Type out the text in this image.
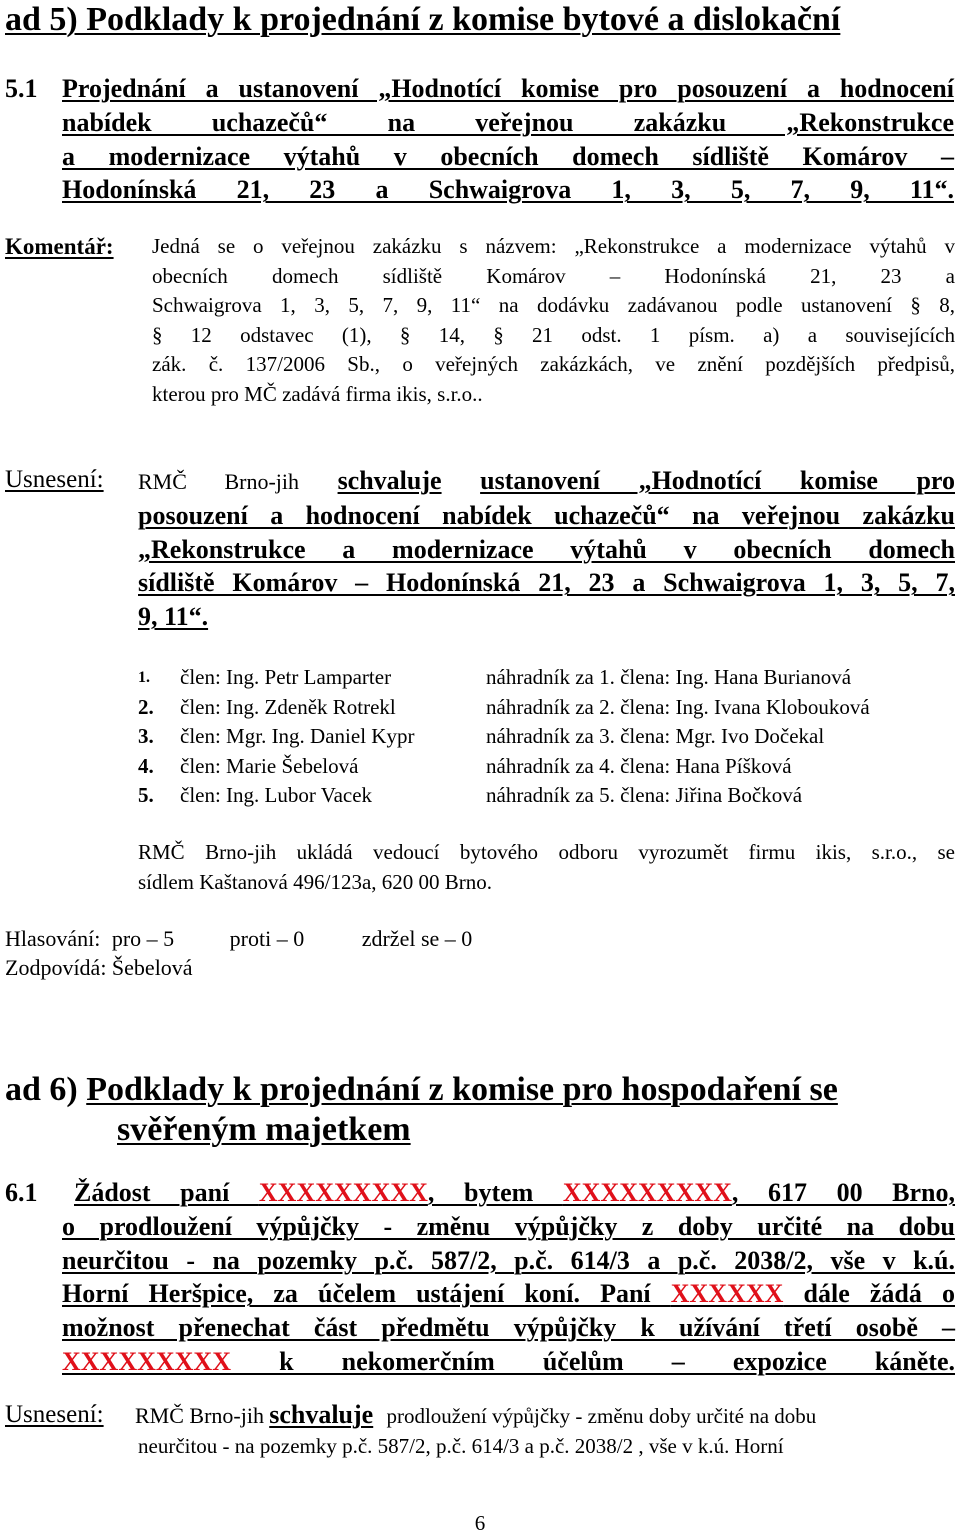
ad 5) Podklady k projednání z komise bytové a dislokační
5.1 Projednání a ustanovení „Hodnotící komise pro posouzení a hodnocení
nabídek uchazečů“ na veřejnou zakázku „Rekonstrukce
a modernizace výtahů v obecních domech sídliště Komárov –
Hodonínská 21, 23 a Schwaigrova 1, 3, 5, 7, 9, 11“.
Komentář: Jedná se o veřejnou zakázku s názvem: „Rekonstrukce a modernizace výtahů v
obecních domech sídliště Komárov – Hodonínská 21, 23 a
Schwaigrova 1, 3, 5, 7, 9, 11“ na dodávku zadávanou podle ustanovení § 8,
§ 12 odstavec (1), § 14, § 21 odst. 1 písm. a) a souvisejících
zák. č. 137/2006 Sb., o veřejných zakázkách, ve znění pozdějších předpisů,
kterou pro MČ zadává firma ikis, s.r.o..
Usnesení: RMČ Brno-jih schvaluje ustanovení „Hodnotící komise pro
posouzení a hodnocení nabídek uchazečů“ na veřejnou zakázku
„Rekonstrukce a modernizace výtahů v obecních domech
sídliště Komárov – Hodonínská 21, 23 a Schwaigrova 1, 3, 5, 7,
9, 11“.
1. člen: Ing. Petr Lamparter	náhradník za 1. člena: Ing. Hana Burianová
2. člen: Ing. Zdeněk Rotrekl	náhradník za 2. člena: Ing. Ivana Klobouková
3. člen: Mgr. Ing. Daniel Kypr	náhradník za 3. člena: Mgr. Ivo Dočekal
4. člen: Marie Šebelová	náhradník za 4. člena: Hana Píšková
5. člen: Ing. Lubor Vacek	náhradník za 5. člena: Jiřina Bočková
RMČ Brno-jih ukládá vedoucí bytového odboru vyrozumět firmu ikis, s.r.o., se
sídlem Kaštanová 496/123a, 620 00 Brno.
Hlasování: pro – 5	proti – 0	zdržel se – 0
Zodpovídá: Šebelová
ad 6) Podklady k projednání z komise pro hospodaření se
svěřeným majetkem
6.1	Žádost paní XXXXXXXXX, bytem XXXXXXXXX, 617 00 Brno,
o prodloužení výpůjčky - změnu výpůjčky z doby určité na dobu
neurčitou - na pozemky p.č. 587/2, p.č. 614/3 a p.č. 2038/2, vše v k.ú.
Horní Heršpice, za účelem ustájení koní. Paní XXXXXX dále žádá o
možnost přenechat část předmětu výpůjčky k užívání třetí osobě –
XXXXXXXXX k nekomerčním účelům – expozice káněte.
Usnesení: RMČ Brno-jih schvaluje prodloužení výpůjčky - změnu doby určité na dobu
neurčitou - na pozemky p.č. 587/2, p.č. 614/3 a p.č. 2038/2 , vše v k.ú. Horní
6
